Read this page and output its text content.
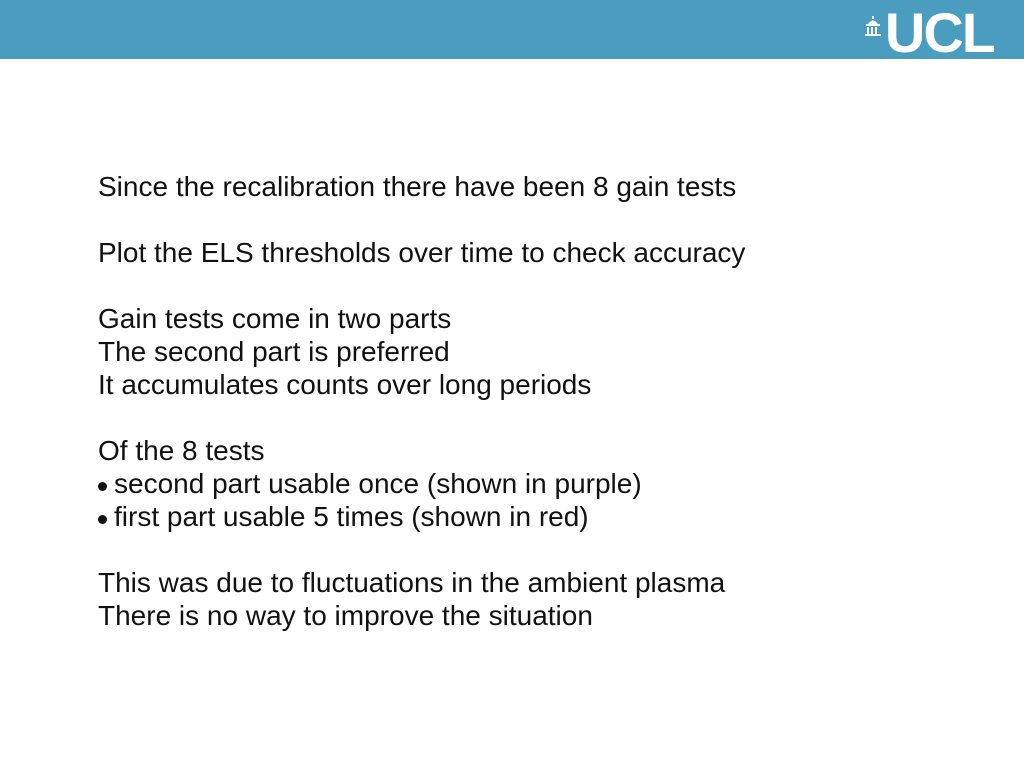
UCL
Since the recalibration there have been 8 gain tests
Plot the ELS thresholds over time to check accuracy
Gain tests come in two parts
The second part is preferred
It accumulates counts over long periods
Of the 8 tests
second part usable once (shown in purple)
first part usable 5 times (shown in red)
This was due to fluctuations in the ambient plasma
There is no way to improve the situation
